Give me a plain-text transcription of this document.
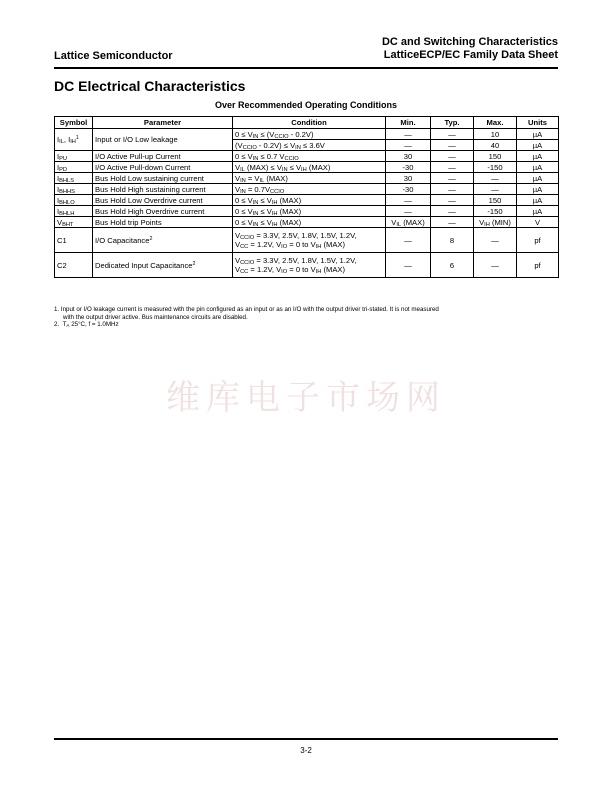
Lattice Semiconductor
DC and Switching Characteristics
LatticeECP/EC Family Data Sheet
DC Electrical Characteristics
Over Recommended Operating Conditions
Symbol	Parameter	Condition	Min.	Typ.	Max.	Units
$I_{IL}$, $I_{IH}^1$	Input or I/O Low leakage	$0 \le V_{IN} \le (V_{CCIO} - 0.2V)$	—	—	10	µA
		$(V_{CCIO} - 0.2V) \le V_{IN} \le 3.6V$	—	—	40	µA
$I_{PU}$	I/O Active Pull-up Current	$0 \le V_{IN} \le 0.7$ $V_{CCIO}$	30	—	150	µA
$I_{PD}$	I/O Active Pull-down Current	$V_{IL}$ $(MAX) \le V_{IN} \le V_{IH}$ (MAX)	-30	—	-150	µA
$I_{BHLS}$	Bus Hold Low sustaining current	$V_{IN} = V_{IL}$ (MAX)	30	—	—	µA
$I_{BHHS}$	Bus Hold High sustaining current	$V_{IN} = 0.7V_{CCIO}$	-30	—	—	µA
$I_{BHLO}$	Bus Hold Low Overdrive current	$0 \le V_{IN} \le V_{IH}$ (MAX)	—	—	150	µA
$I_{BHLH}$	Bus Hold High Overdrive current	$0 \le V_{IN} \le V_{IH}$ (MAX)	—	—	-150	µA
$V_{BHT}$	Bus Hold trip Points	$0 \le V_{IN} \le V_{IH}$ (MAX)	$V_{IL}$ (MAX)	—	$V_{IH}$ (MIN)	V
C1	I/O Capacitance$^2$	$V_{CCIO} = 3.3V$, 2.5V, 1.8V, 1.5V, 1.2V,
$V_{CC} = 1.2V$, $V_{IO} = 0$ to $V_{IH}$ (MAX)	—	8	—	pf
C2	Dedicated Input Capacitance$^2$	$V_{CCIO} = 3.3V$, 2.5V, 1.8V, 1.5V, 1.2V,
$V_{CC} = 1.2V$, $V_{IO} = 0$ to $V_{IH}$ (MAX)	—	6	—	pf
1. Input or I/O leakage current is measured with the pin configured as an input or as an I/O with the output driver tri-stated. It is not measured
with the output driver active. Bus maintenance circuits are disabled.
2.  $T_A$ 25°C, f = 1.0MHz
维库电子市场网
3-2
